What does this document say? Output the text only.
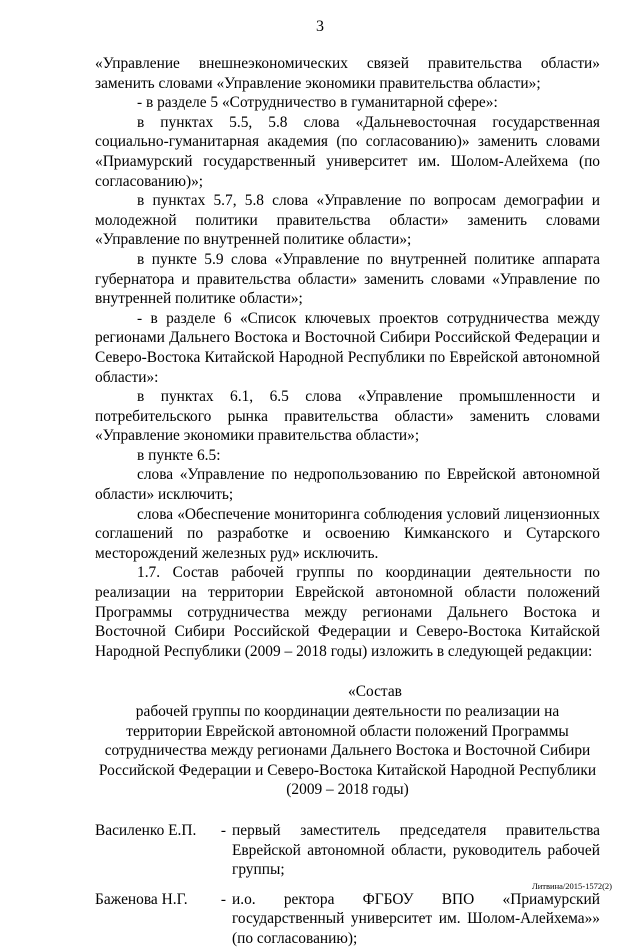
3

«Управление внешнеэкономических связей правительства области» заменить словами «Управление экономики правительства области»;

- в разделе 5 «Сотрудничество в гуманитарной сфере»:

в пунктах 5.5, 5.8 слова «Дальневосточная государственная социально-гуманитарная академия (по согласованию)» заменить словами «Приамурский государственный университет им. Шолом-Алейхема (по согласованию)»;

в пунктах 5.7, 5.8 слова «Управление по вопросам демографии и молодежной политики правительства области» заменить словами «Управление по внутренней политике области»;

в пункте 5.9 слова «Управление по внутренней политике аппарата губернатора и правительства области» заменить словами «Управление по внутренней политике области»;

- в разделе 6 «Список ключевых проектов сотрудничества между регионами Дальнего Востока и Восточной Сибири Российской Федерации и Северо-Востока Китайской Народной Республики по Еврейской автономной области»:

в пунктах 6.1, 6.5 слова «Управление промышленности и потребительского рынка правительства области» заменить словами «Управление экономики правительства области»;

в пункте 6.5:

слова «Управление по недропользованию по Еврейской автономной области» исключить;

слова «Обеспечение мониторинга соблюдения условий лицензионных соглашений по разработке и освоению Кимканского и Сутарского месторождений железных руд» исключить.

1.7. Состав рабочей группы по координации деятельности по реализации на территории Еврейской автономной области положений Программы сотрудничества между регионами Дальнего Востока и Восточной Сибири Российской Федерации и Северо-Востока Китайской Народной Республики (2009 – 2018 годы) изложить в следующей редакции:

«Состав

рабочей группы по координации деятельности по реализации на территории Еврейской автономной области положений Программы сотрудничества между регионами Дальнего Востока и Восточной Сибири Российской Федерации и Северо-Востока Китайской Народной Республики (2009 – 2018 годы)

Василенко Е.П.	- первый заместитель председателя правительства Еврейской автономной области, руководитель рабочей группы;
Баженова Н.Г.	- и.о. ректора ФГБОУ ВПО «Приамурский государственный университет им. Шолом-Алейхема»» (по согласованию);
Литвина/2015-1572(2)
